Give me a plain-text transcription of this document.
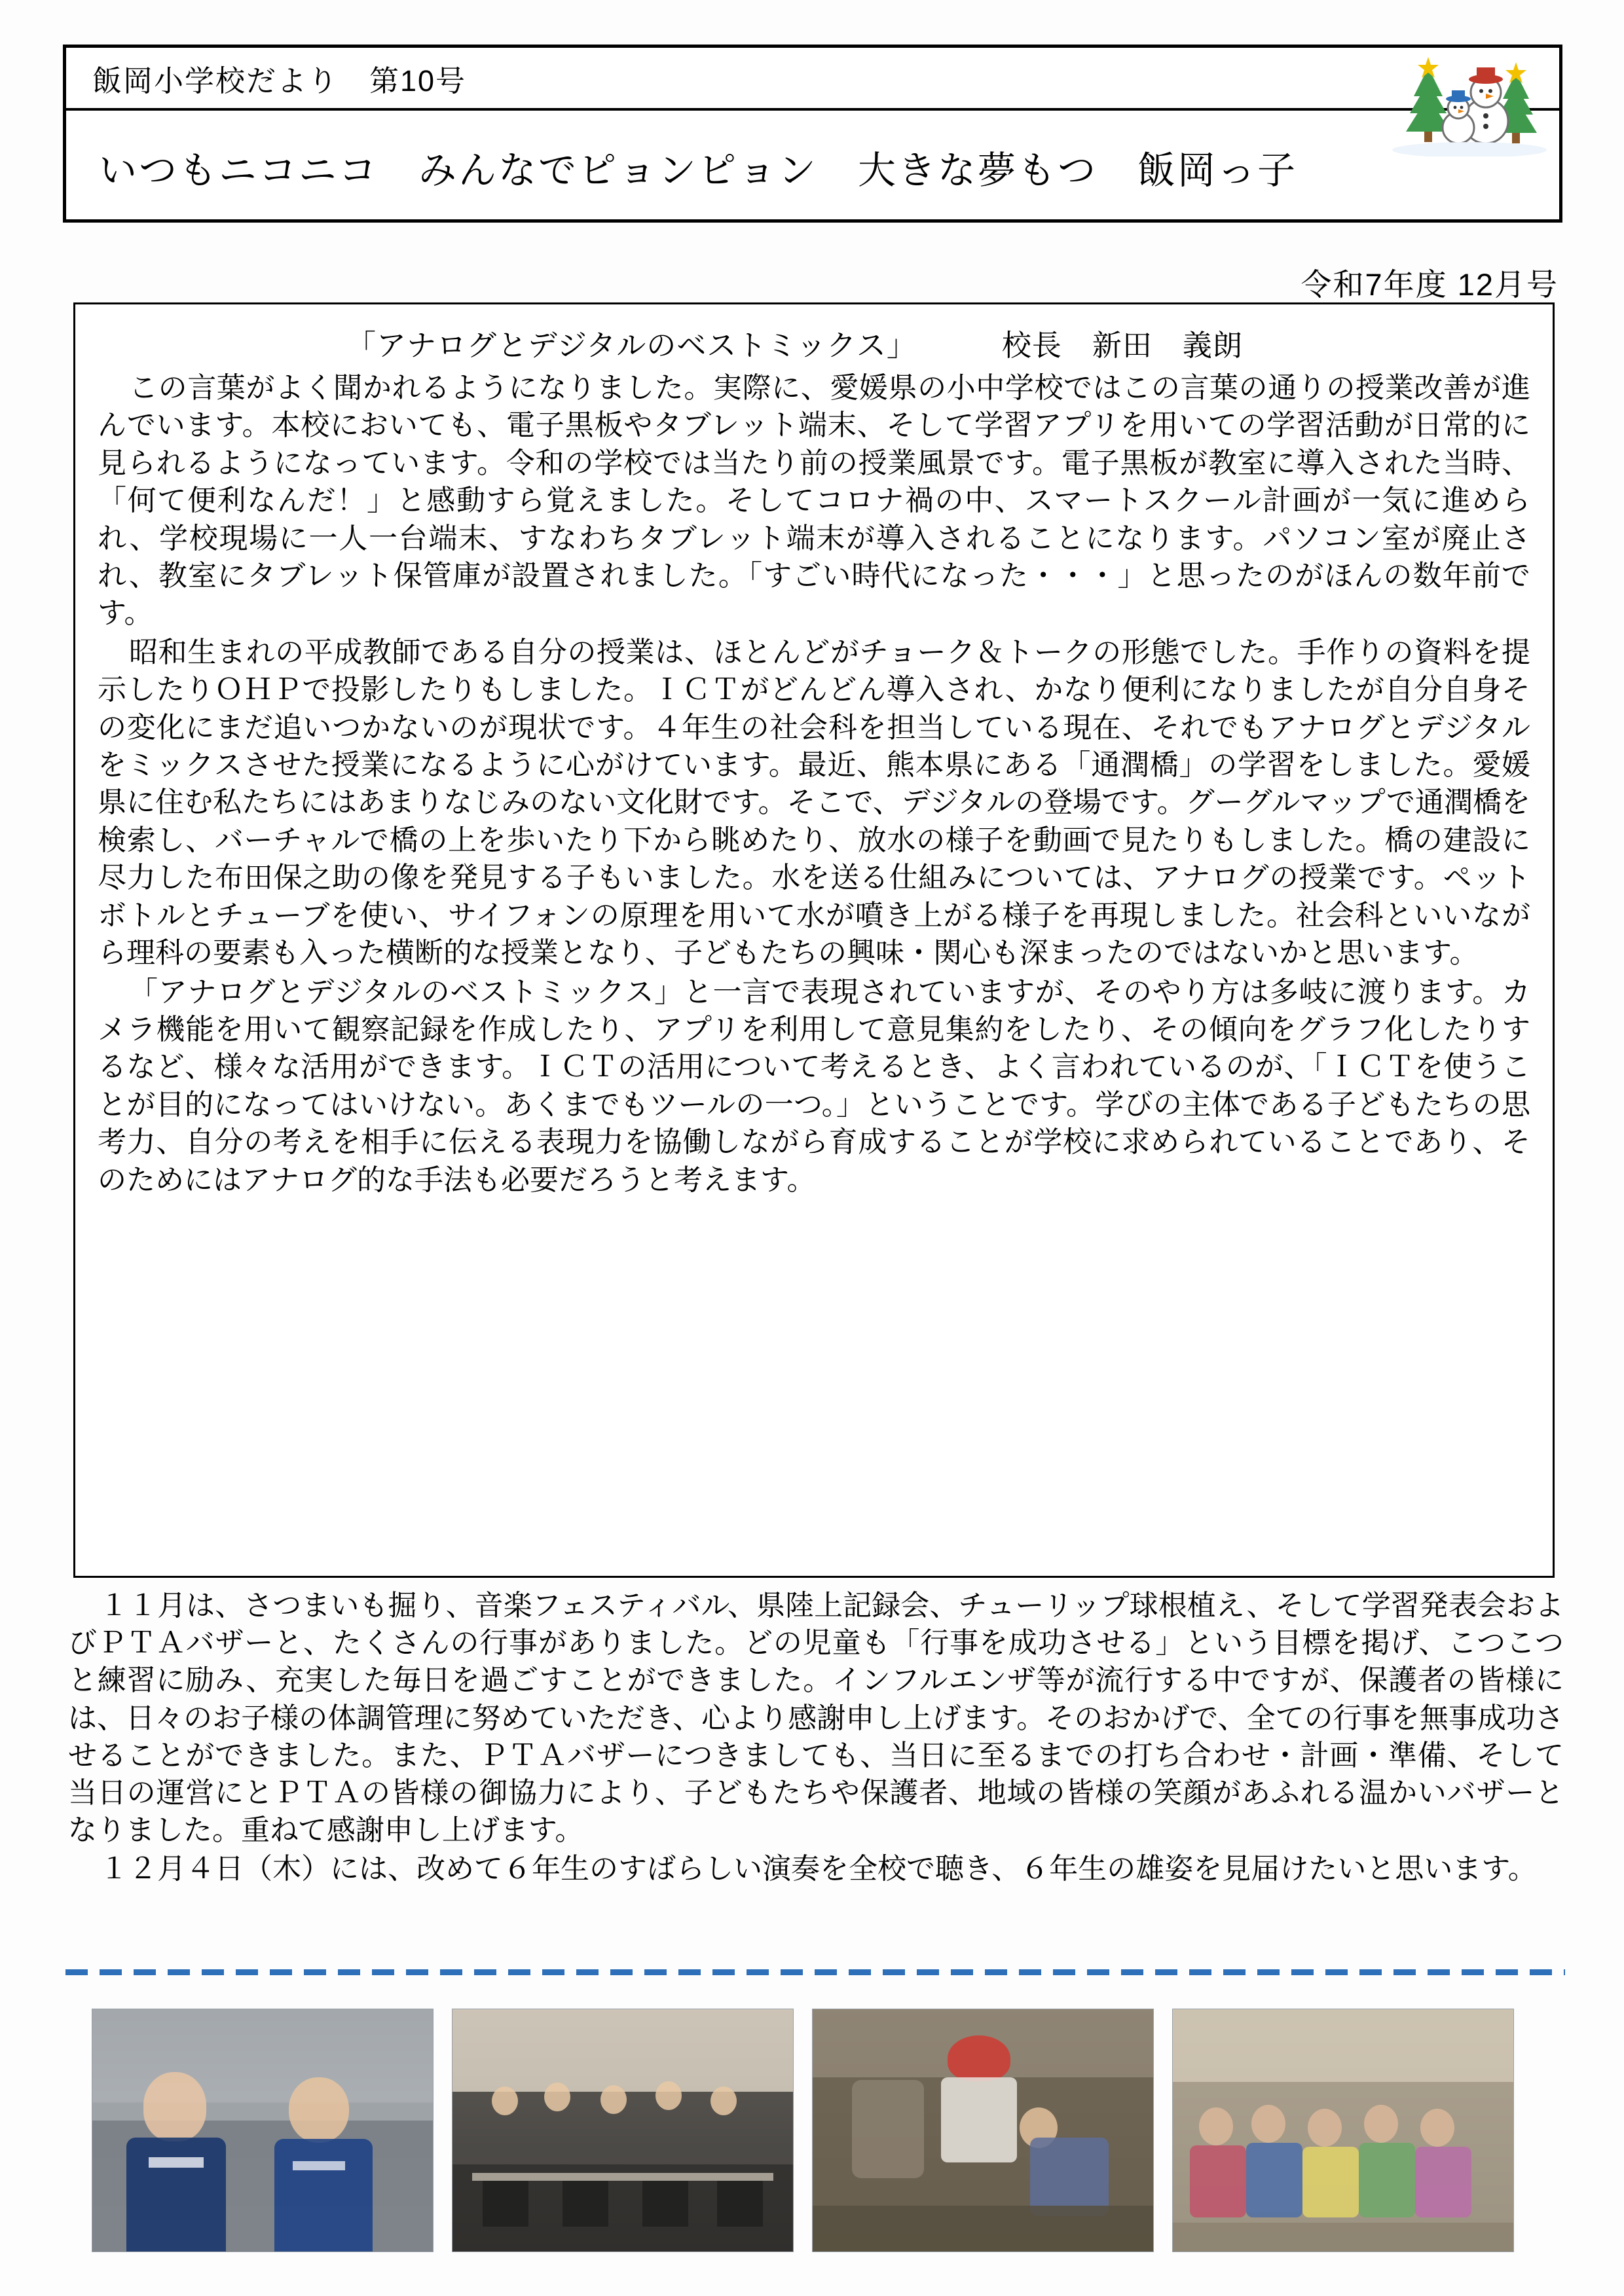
飯岡小学校だより　第10号
いつもニコニコ　みんなでピョンピョン　大きな夢もつ　飯岡っ子
令和7年度 12月号
「アナログとデジタルのベストミックス」	校長　新田　義朗

この言葉がよく聞かれるようになりました。実際に、愛媛県の小中学校ではこの言葉の通りの授業改善が進んでいます。本校においても、電子黒板やタブレット端末、そして学習アプリを用いての学習活動が日常的に見られるようになっています。令和の学校では当たり前の授業風景です。電子黒板が教室に導入された当時、「何て便利なんだ！」と感動すら覚えました。そしてコロナ禍の中、スマートスクール計画が一気に進められ、学校現場に一人一台端末、すなわちタブレット端末が導入されることになります。パソコン室が廃止され、教室にタブレット保管庫が設置されました。「すごい時代になった・・・」と思ったのがほんの数年前です。

昭和生まれの平成教師である自分の授業は、ほとんどがチョーク＆トークの形態でした。手作りの資料を提示したりＯＨＰで投影したりもしました。ＩＣＴがどんどん導入され、かなり便利になりましたが自分自身その変化にまだ追いつかないのが現状です。４年生の社会科を担当している現在、それでもアナログとデジタルをミックスさせた授業になるように心がけています。最近、熊本県にある「通潤橋」の学習をしました。愛媛県に住む私たちにはあまりなじみのない文化財です。そこで、デジタルの登場です。グーグルマップで通潤橋を検索し、バーチャルで橋の上を歩いたり下から眺めたり、放水の様子を動画で見たりもしました。橋の建設に尽力した布田保之助の像を発見する子もいました。水を送る仕組みについては、アナログの授業です。ペットボトルとチューブを使い、サイフォンの原理を用いて水が噴き上がる様子を再現しました。社会科といいながら理科の要素も入った横断的な授業となり、子どもたちの興味・関心も深まったのではないかと思います。

「アナログとデジタルのベストミックス」と一言で表現されていますが、そのやり方は多岐に渡ります。カメラ機能を用いて観察記録を作成したり、アプリを利用して意見集約をしたり、その傾向をグラフ化したりするなど、様々な活用ができます。ＩＣＴの活用について考えるとき、よく言われているのが、「ＩＣＴを使うことが目的になってはいけない。あくまでもツールの一つ。」ということです。学びの主体である子どもたちの思考力、自分の考えを相手に伝える表現力を協働しながら育成することが学校に求められていることであり、そのためにはアナログ的な手法も必要だろうと考えます。

１１月は、さつまいも掘り、音楽フェスティバル、県陸上記録会、チューリップ球根植え、そして学習発表会およびＰＴＡバザーと、たくさんの行事がありました。どの児童も「行事を成功させる」という目標を掲げ、こつこつと練習に励み、充実した毎日を過ごすことができました。インフルエンザ等が流行する中ですが、保護者の皆様には、日々のお子様の体調管理に努めていただき、心より感謝申し上げます。そのおかげで、全ての行事を無事成功させることができました。また、ＰＴＡバザーにつきましても、当日に至るまでの打ち合わせ・計画・準備、そして当日の運営にとＰＴＡの皆様の御協力により、子どもたちや保護者、地域の皆様の笑顔があふれる温かいバザーとなりました。重ねて感謝申し上げます。

１２月４日（木）には、改めて６年生のすばらしい演奏を全校で聴き、６年生の雄姿を見届けたいと思います。
